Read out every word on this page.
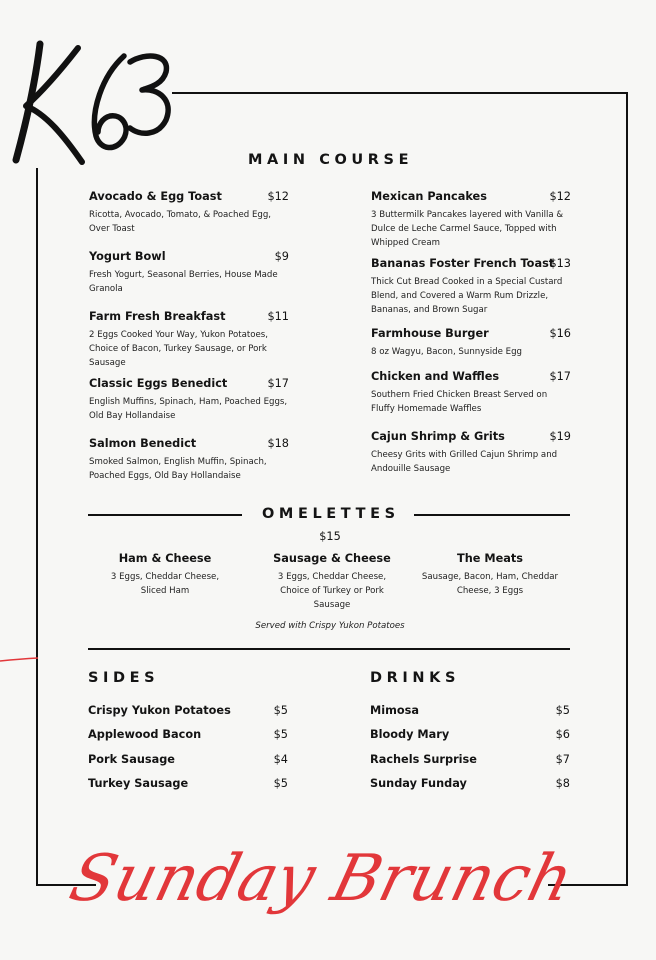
MAIN COURSE
Avocado & Egg Toast	$12
Ricotta, Avocado, Tomato, & Poached Egg, Over Toast
Yogurt Bowl	$9
Fresh Yogurt, Seasonal Berries, House Made Granola
Farm Fresh Breakfast	$11
2 Eggs Cooked Your Way, Yukon Potatoes, Choice of Bacon, Turkey Sausage, or Pork Sausage
Classic Eggs Benedict	$17
English Muffins, Spinach, Ham, Poached Eggs, Old Bay Hollandaise
Salmon Benedict	$18
Smoked Salmon, English Muffin, Spinach, Poached Eggs, Old Bay Hollandaise
Mexican Pancakes	$12
3 Buttermilk Pancakes layered with Vanilla & Dulce de Leche Carmel Sauce, Topped with Whipped Cream
Bananas Foster French Toast
$13
Thick Cut Bread Cooked in a Special Custard Blend, and Covered a Warm Rum Drizzle, Bananas, and Brown Sugar
Farmhouse Burger	$16
8 oz Wagyu, Bacon, Sunnyside Egg
Chicken and Waffles	$17
Southern Fried Chicken Breast Served on Fluffy Homemade Waffles
Cajun Shrimp & Grits	$19
Cheesy Grits with Grilled Cajun Shrimp and Andouille Sausage
OMELETTES
$15
Ham & Cheese
3 Eggs, Cheddar Cheese, Sliced Ham
Sausage & Cheese
3 Eggs, Cheddar Cheese, Choice of Turkey or Pork Sausage
The Meats
Sausage, Bacon, Ham, Cheddar Cheese, 3 Eggs
Served with Crispy Yukon Potatoes
SIDES	DRINKS
Crispy Yukon Potatoes	$5
Applewood Bacon	$5
Pork Sausage	$4
Turkey Sausage	$5
Mimosa	$5
Bloody Mary	$6
Rachels Surprise	$7
Sunday Funday	$8
Sunday Brunch
